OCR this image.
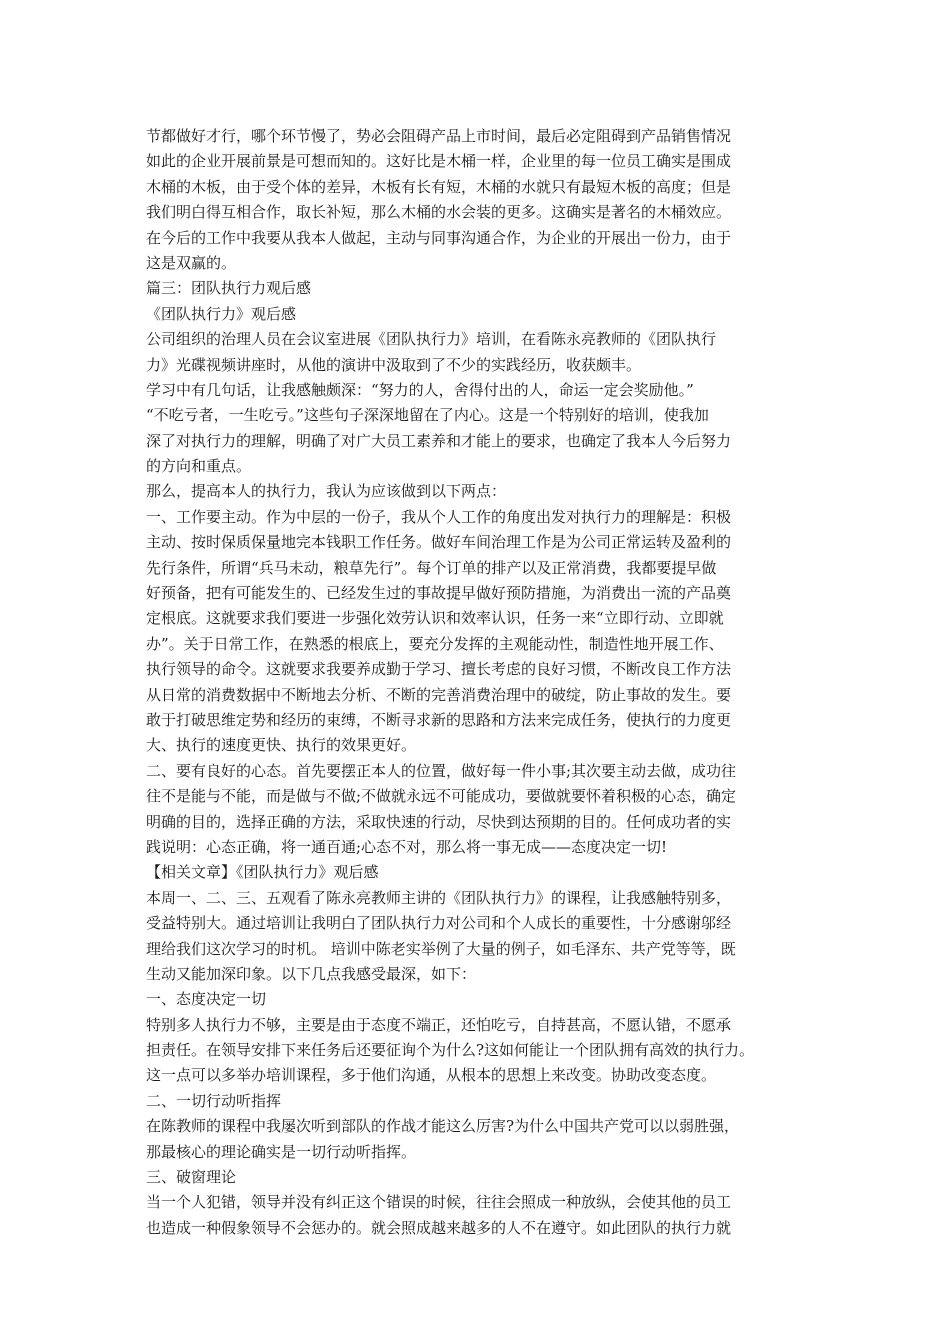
节都做好才行，哪个环节慢了，势必会阻碍产品上市时间，最后必定阻碍到产品销售情况
如此的企业开展前景是可想而知的。这好比是木桶一样，企业里的每一位员工确实是围成
木桶的木板，由于受个体的差异，木板有长有短，木桶的水就只有最短木板的高度；但是
我们明白得互相合作，取长补短，那么木桶的水会装的更多。这确实是著名的木桶效应。
在今后的工作中我要从我本人做起，主动与同事沟通合作，为企业的开展出一份力，由于
这是双赢的。
篇三：团队执行力观后感
《团队执行力》观后感
公司组织的治理人员在会议室进展《团队执行力》培训，在看陈永亮教师的《团队执行
力》光碟视频讲座时，从他的演讲中汲取到了不少的实践经历，收获颇丰。
学习中有几句话，让我感触颇深：“努力的人，舍得付出的人，命运一定会奖励他。”
“不吃亏者，一生吃亏。”这些句子深深地留在了内心。这是一个特别好的培训，使我加
深了对执行力的理解，明确了对广大员工素养和才能上的要求，也确定了我本人今后努力
的方向和重点。
那么，提高本人的执行力，我认为应该做到以下两点：
一、工作要主动。作为中层的一份子，我从个人工作的角度出发对执行力的理解是：积极
主动、按时保质保量地完本钱职工作任务。做好车间治理工作是为公司正常运转及盈利的
先行条件，所谓“兵马未动，粮草先行”。每个订单的排产以及正常消费，我都要提早做
好预备，把有可能发生的、已经发生过的事故提早做好预防措施，为消费出一流的产品奠
定根底。这就要求我们要进一步强化效劳认识和效率认识，任务一来“立即行动、立即就
办”。关于日常工作，在熟悉的根底上，要充分发挥的主观能动性，制造性地开展工作、
执行领导的命令。这就要求我要养成勤于学习、擅长考虑的良好习惯，不断改良工作方法
从日常的消费数据中不断地去分析、不断的完善消费治理中的破绽，防止事故的发生。要
敢于打破思维定势和经历的束缚，不断寻求新的思路和方法来完成任务，使执行的力度更
大、执行的速度更快、执行的效果更好。
二、要有良好的心态。首先要摆正本人的位置，做好每一件小事;其次要主动去做，成功往
往不是能与不能，而是做与不做;不做就永远不可能成功，要做就要怀着积极的心态，确定
明确的目的，选择正确的方法，采取快速的行动，尽快到达预期的目的。任何成功者的实
践说明：心态正确，将一通百通;心态不对，那么将一事无成——态度决定一切!
【相关文章】《团队执行力》观后感
本周一、二、三、五观看了陈永亮教师主讲的《团队执行力》的课程，让我感触特别多，
受益特别大。通过培训让我明白了团队执行力对公司和个人成长的重要性，十分感谢邬经
理给我们这次学习的时机。 培训中陈老实举例了大量的例子，如毛泽东、共产党等等，既
生动又能加深印象。以下几点我感受最深，如下：
一、态度决定一切
特别多人执行力不够，主要是由于态度不端正，还怕吃亏，自持甚高，不愿认错，不愿承
担责任。在领导安排下来任务后还要征询个为什么?这如何能让一个团队拥有高效的执行力。
这一点可以多举办培训课程，多于他们沟通，从根本的思想上来改变。协助改变态度。
二、一切行动听指挥
在陈教师的课程中我屡次听到部队的作战才能这么厉害?为什么中国共产党可以以弱胜强，
那最核心的理论确实是一切行动听指挥。
三、破窗理论
当一个人犯错，领导并没有纠正这个错误的时候，往往会照成一种放纵，会使其他的员工
也造成一种假象领导不会惩办的。就会照成越来越多的人不在遵守。如此团队的执行力就
